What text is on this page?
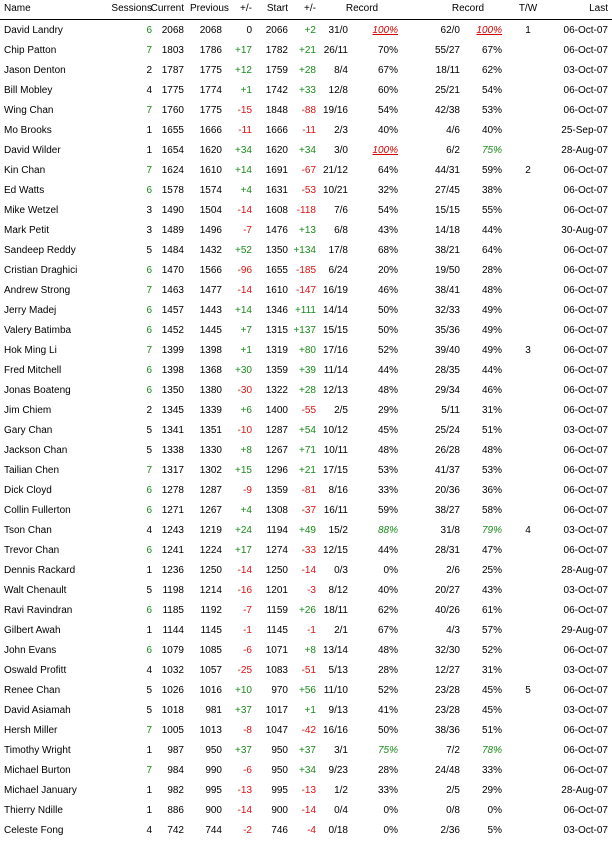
Name	Sessions
Current Previous	+/-	Start	+/-	Record	Record	T/W	Last
David Landry	6 2068	2068	0	2066	+2	31/0	100%	62/0	100%	1	06-Oct-07
Chip Patton	7 1803	1786	+17	1782	+21 26/11	70%	55/27	67%	06-Oct-07
Jason Denton	2 1787	1775	+12	1759	+28	8/4	67%	18/11	62%	03-Oct-07
Bill Mobley	4 1775	1774	+1	1742	+33	12/8	60%	25/21	54%	06-Oct-07
Wing Chan	7 1760	1775	-15	1848	-88 19/16	54%	42/38	53%	06-Oct-07
Mo Brooks	1 1655	1666	-11	1666	-11	2/3	40%	4/6	40%	25-Sep-07
David Wilder	1 1654	1620	+34	1620	+34	3/0	100%	6/2	75%	28-Aug-07
Kin Chan	7 1624	1610	+14	1691	-67 21/12	64%	44/31	59%	2	06-Oct-07
Ed Watts	6 1578	1574	+4	1631	-53 10/21	32%	27/45	38%	06-Oct-07
Mike Wetzel	3 1490	1504	-14	1608 -118	7/6	54%	15/15	55%	06-Oct-07
Mark Petit	3 1489	1496	-7	1476	+13	6/8	43%	14/18	44%	30-Aug-07
Sandeep Reddy	5 1484	1432	+52	1350 +134	17/8	68%	38/21	64%	06-Oct-07
Cristian Draghici	6 1470	1566	-96	1655 -185	6/24	20%	19/50	28%	06-Oct-07
Andrew Strong	7 1463	1477	-14	1610 -147 16/19	46%	38/41	48%	06-Oct-07
Jerry Madej	6 1457	1443	+14	1346 +111 14/14	50%	32/33	49%	06-Oct-07
Valery Batimba	6 1452	1445	+7	1315 +137 15/15	50%	35/36	49%	06-Oct-07
Hok Ming Li	7 1399	1398	+1	1319	+80 17/16	52%	39/40	49%	3	06-Oct-07
Fred Mitchell	6 1398	1368	+30	1359	+39 11/14	44%	28/35	44%	06-Oct-07
Jonas Boateng	6 1350	1380	-30	1322	+28 12/13	48%	29/34	46%	06-Oct-07
Jim Chiem	2 1345	1339	+6	1400	-55	2/5	29%	5/11	31%	06-Oct-07
Gary Chan	5 1341	1351	-10	1287	+54 10/12	45%	25/24	51%	03-Oct-07
Jackson Chan	5 1338	1330	+8	1267	+71 10/11	48%	26/28	48%	06-Oct-07
Tailian Chen	7 1317	1302	+15	1296	+21 17/15	53%	41/37	53%	06-Oct-07
Dick Cloyd	6 1278	1287	-9	1359	-81	8/16	33%	20/36	36%	06-Oct-07
Collin Fullerton	6 1271	1267	+4	1308	-37 16/11	59%	38/27	58%	06-Oct-07
Tson Chan	4 1243	1219	+24	1194	+49	15/2	88%	31/8	79%	4	03-Oct-07
Trevor Chan	6 1241	1224	+17	1274	-33 12/15	44%	28/31	47%	06-Oct-07
Dennis Rackard	1 1236	1250	-14	1250	-14	0/3	0%	2/6	25%	28-Aug-07
Walt Chenault	5	1198	1214	-16	1201	-3	8/12	40%	20/27	43%	03-Oct-07
Ravi Ravindran	6	1185	1192	-7	1159	+26 18/11	62%	40/26	61%	06-Oct-07
Gilbert Awah	1	1144	1145	-1	1145	-1	2/1	67%	4/3	57%	29-Aug-07
John Evans	6 1079	1085	-6	1071	+8 13/14	48%	32/30	52%	06-Oct-07
Oswald Profitt	4 1032	1057	-25	1083	-51	5/13	28%	12/27	31%	03-Oct-07
Renee Chan	5 1026	1016	+10	970	+56 11/10	52%	23/28	45%	5	06-Oct-07
David Asiamah	5 1018	981	+37	1017	+1	9/13	41%	23/28	45%	03-Oct-07
Hersh Miller	7 1005	1013	-8	1047	-42 16/16	50%	38/36	51%	06-Oct-07
Timothy Wright	1	987	950	+37	950	+37	3/1	75%	7/2	78%	06-Oct-07
Michael Burton	7	984	990	-6	950	+34	9/23	28%	24/48	33%	06-Oct-07
Michael January	1	982	995	-13	995	-13	1/2	33%	2/5	29%	28-Aug-07
Thierry Ndille	1	886	900	-14	900	-14	0/4	0%	0/8	0%	06-Oct-07
Celeste Fong	4	742	744	-2	746	-4	0/18	0%	2/36	5%	03-Oct-07
